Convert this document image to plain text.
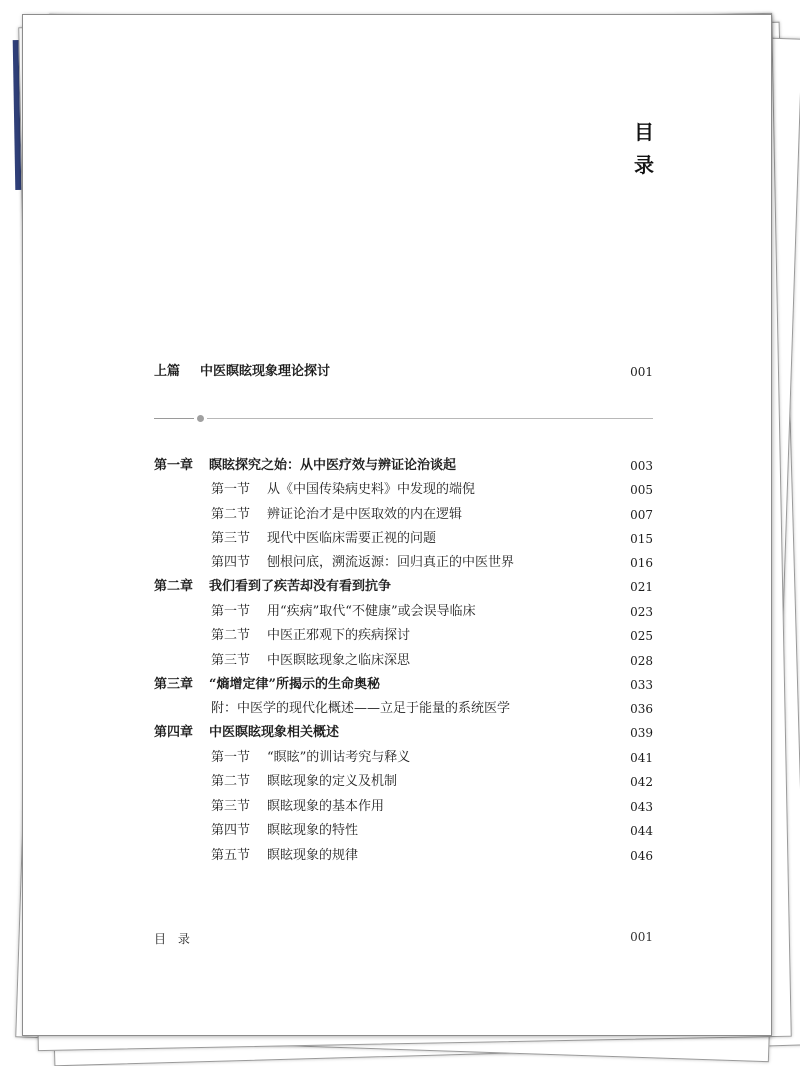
目录
上篇 中医瞑眩现象理论探讨	001
第一章 瞑眩探究之始：从中医疗效与辨证论治谈起	003
第一节 从《中国传染病史料》中发现的端倪	005
第二节 辨证论治才是中医取效的内在逻辑	007
第三节 现代中医临床需要正视的问题	015
第四节 刨根问底，溯流返源：回归真正的中医世界	016
第二章 我们看到了疾苦却没有看到抗争	021
第一节 用“疾病”取代“不健康”或会误导临床	023
第二节 中医正邪观下的疾病探讨	025
第三节 中医瞑眩现象之临床深思	028
第三章 “熵增定律”所揭示的生命奥秘	033
附：中医学的现代化概述——立足于能量的系统医学	036
第四章 中医瞑眩现象相关概述	039
第一节 “瞑眩”的训诂考究与释义	041
第二节 瞑眩现象的定义及机制	042
第三节 瞑眩现象的基本作用	043
第四节 瞑眩现象的特性	044
第五节 瞑眩现象的规律	046
目 录	001
